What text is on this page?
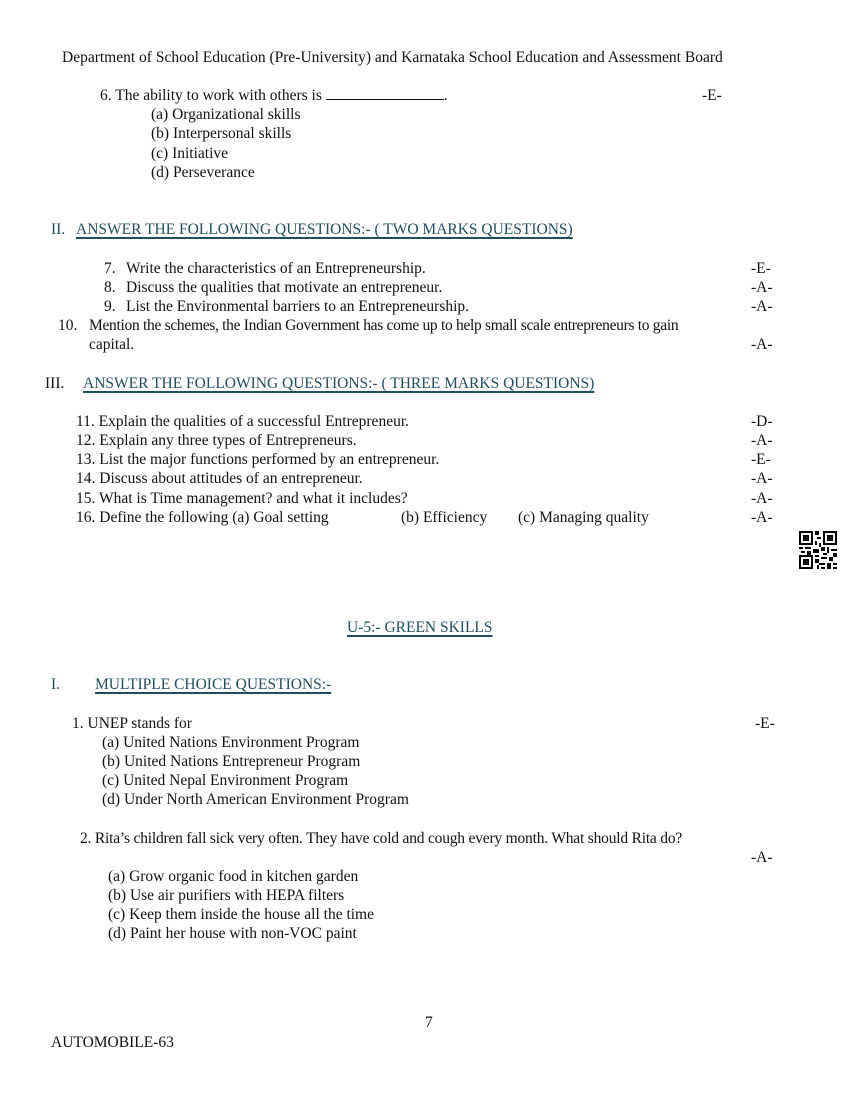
Department of School Education (Pre-University) and Karnataka School Education and Assessment Board
6. The ability to work with others is	.	-E-
(a) Organizational skills
(b) Interpersonal skills
(c) Initiative
(d) Perseverance
II. ANSWER THE FOLLOWING QUESTIONS:- ( TWO MARKS QUESTIONS)
7. Write the characteristics of an Entrepreneurship.	-E-
8. Discuss the qualities that motivate an entrepreneur.	-A-
9. List the Environmental barriers to an Entrepreneurship.	-A-
10. Mention the schemes, the Indian Government has come up to help small scale entrepreneurs to gain
capital.	-A-
III. ANSWER THE FOLLOWING QUESTIONS:- ( THREE MARKS QUESTIONS)
11. Explain the qualities of a successful Entrepreneur.	-D-
12. Explain any three types of Entrepreneurs.	-A-
13. List the major functions performed by an entrepreneur.	-E-
14. Discuss about attitudes of an entrepreneur.	-A-
15. What is Time management? and what it includes?	-A-
16. Define the following (a) Goal setting	(b) Efficiency (c) Managing quality	-A-
U-5:- GREEN SKILLS
I. MULTIPLE CHOICE QUESTIONS:-
1. UNEP stands for	-E-
(a) United Nations Environment Program
(b) United Nations Entrepreneur Program
(c) United Nepal Environment Program
(d) Under North American Environment Program
2. Rita’s children fall sick very often. They have cold and cough every month. What should Rita do?
-A-
(a) Grow organic food in kitchen garden
(b) Use air purifiers with HEPA filters
(c) Keep them inside the house all the time
(d) Paint her house with non-VOC paint
7
AUTOMOBILE-63
